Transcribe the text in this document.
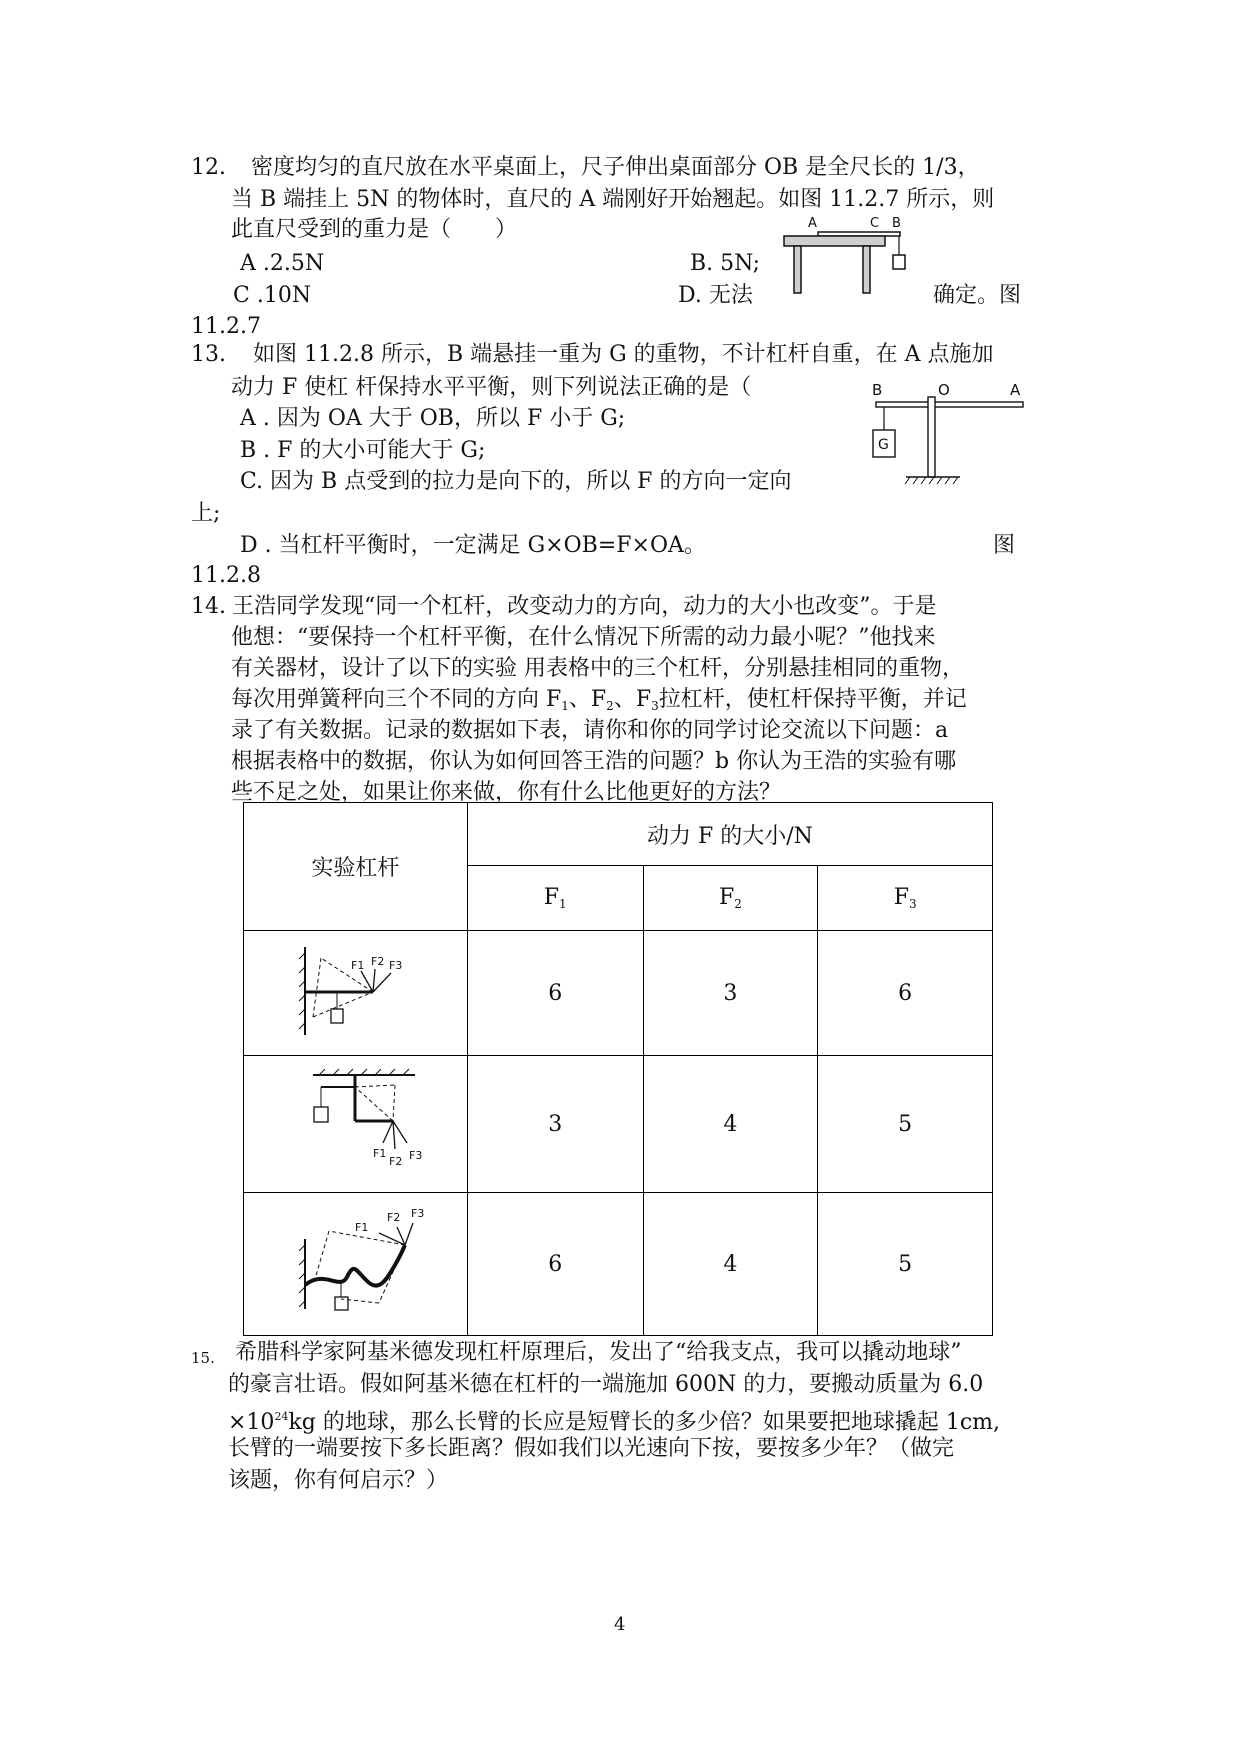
12. 密度均匀的直尺放在水平桌面上，尺子伸出桌面部分 OB 是全尺长的 1/3，
当 B 端挂上 5N 的物体时，直尺的 A 端刚好开始翘起。如图 11.2.7 所示，则
此直尺受到的重力是（　　）
A .2.5N	B. 5N;
C .10N	D. 无法	确定。图
11.2.7
A	C B
13. 如图 11.2.8 所示，B 端悬挂一重为 G 的重物，不计杠杆自重，在 A 点施加
动力 F 使杠 杆保持水平平衡，则下列说法正确的是（
A . 因为 OA 大于 OB，所以 F 小于 G;
B . F 的大小可能大于 G;
C. 因为 B 点受到的拉力是向下的，所以 F 的方向一定向
上;
D . 当杠杆平衡时，一定满足 G×OB=F×OA。	图
11.2.8
B	O	A
G
14. 王浩同学发现“同一个杠杆，改变动力的方向，动力的大小也改变”。于是
他想：“要保持一个杠杆平衡，在什么情况下所需的动力最小呢？”他找来
有关器材，设计了以下的实验 用表格中的三个杠杆，分别悬挂相同的重物，
每次用弹簧秤向三个不同的方向 $F_1$、$F_2$、$F_3$拉杠杆，使杠杆保持平衡，并记
录了有关数据。记录的数据如下表，请你和你的同学讨论交流以下问题：a
根据表格中的数据，你认为如何回答王浩的问题？b 你认为王浩的实验有哪
些不足之处，如果让你来做，你有什么比他更好的方法？
实验杠杆	动力 F 的大小/N		
	$F_1$	$F_2$	$F_3$

F1 F2 F3	6	3	6

F1
F2 F3	3	4	5

F1
F2 F3	6	4	5
15. 希腊科学家阿基米德发现杠杆原理后，发出了“给我支点，我可以撬动地球”
的豪言壮语。假如阿基米德在杠杆的一端施加 600N 的力，要搬动质量为 6.0
$\times 10^{24}kg$ 的地球，那么长臂的长应是短臂长的多少倍？如果要把地球撬起 1cm,
长臂的一端要按下多长距离？假如我们以光速向下按，要按多少年？（做完
该题，你有何启示？）
4
